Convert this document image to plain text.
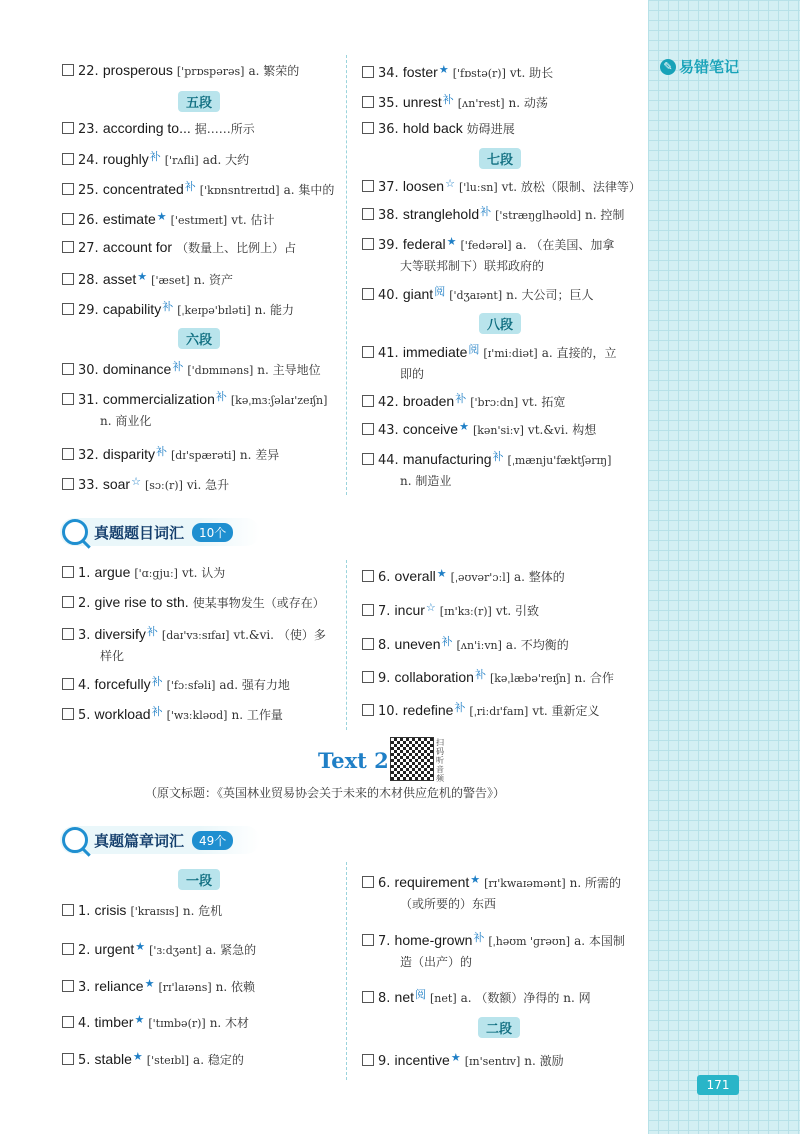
✎ 易错笔记
22. prosperous ['prɒspərəs] a. 繁荣的
五段
23. according to... 据……所示
24. roughly$^补$ ['rʌfli] ad. 大约
25. concentrated$^补$ ['kɒnsntreɪtɪd] a. 集中的
26. estimate★ ['estɪmeɪt] vt. 估计
27. account for （数量上、比例上）占
28. asset★ ['æset] n. 资产
29. capability$^补$ [ˌkeɪpə'bɪləti] n. 能力
六段
30. dominance$^补$ ['dɒmɪnəns] n. 主导地位
31. commercialization$^补$ [kəˌmɜːʃəlaɪ'zeɪʃn]
n. 商业化
32. disparity$^补$ [dɪ'spærəti] n. 差异
33. soar☆ [sɔː(r)] vi. 急升
34. foster★ ['fɒstə(r)] vt. 助长
35. unrest$^补$ [ʌn'rest] n. 动荡
36. hold back 妨碍进展
七段
37. loosen☆ ['luːsn] vt. 放松（限制、法律等）
38. stranglehold$^补$ ['stræŋɡlhəʊld] n. 控制
39. federal★ ['fedərəl] a. （在美国、加拿
大等联邦制下）联邦政府的
40. giant$^阅$ ['dʒaɪənt] n. 大公司；巨人
八段
41. immediate$^阅$ [ɪ'miːdiət] a. 直接的，立
即的
42. broaden$^补$ ['brɔːdn] vt. 拓宽
43. conceive★ [kən'siːv] vt.&vi. 构想
44. manufacturing$^补$ [ˌmænju'fæktʃərɪŋ]
n. 制造业
真题题目词汇	10个
1. argue ['ɑːɡjuː] vt. 认为
2. give rise to sth. 使某事物发生（或存在）
3. diversify$^补$ [daɪ'vɜːsɪfaɪ] vt.&vi. （使）多
样化
4. forcefully$^补$ ['fɔːsfəli] ad. 强有力地
5. workload$^补$ ['wɜːkləʊd] n. 工作量
6. overall★ [ˌəʊvər'ɔːl] a. 整体的
7. incur☆ [ɪn'kɜː(r)] vt. 引致
8. uneven$^补$ [ʌn'iːvn] a. 不均衡的
9. collaboration$^补$ [kəˌlæbə'reɪʃn] n. 合作
10. redefine$^补$ [ˌriːdɪ'faɪn] vt. 重新定义
Text 2
扫码听音频
（原文标题：《英国林业贸易协会关于未来的木材供应危机的警告》）
真题篇章词汇	49个
一段
1. crisis ['kraɪsɪs] n. 危机
2. urgent★ ['ɜːdʒənt] a. 紧急的
3. reliance★ [rɪ'laɪəns] n. 依赖
4. timber★ ['tɪmbə(r)] n. 木材
5. stable★ ['steɪbl] a. 稳定的
6. requirement★ [rɪ'kwaɪəmənt] n. 所需的
（或所要的）东西
7. home-grown$^补$ [ˌhəʊm 'ɡrəʊn] a. 本国制
造（出产）的
8. net$^阅$ [net] a. （数额）净得的 n. 网
二段
9. incentive★ [ɪn'sentɪv] n. 激励
171
